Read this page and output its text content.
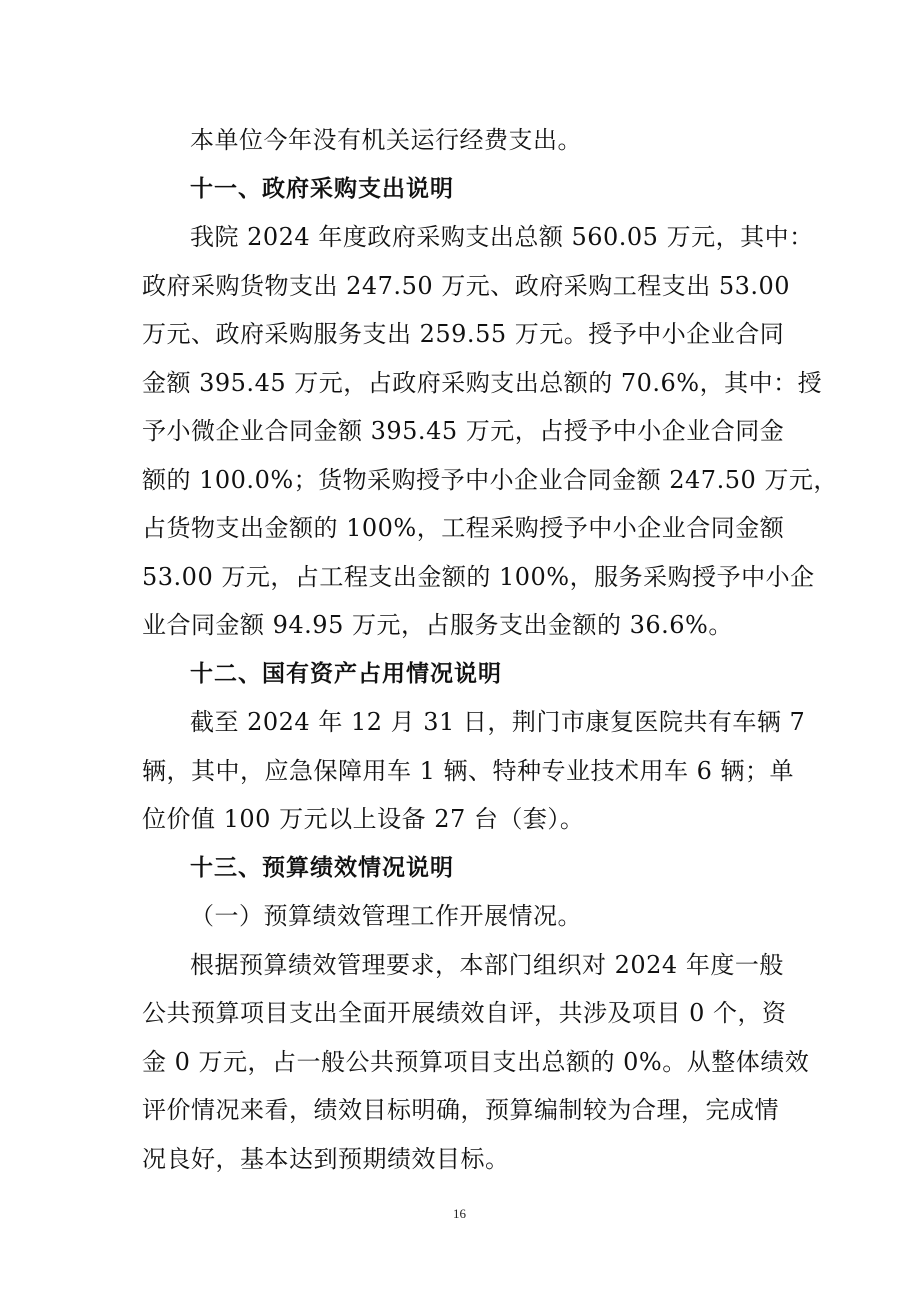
本单位今年没有机关运行经费支出。
十一、政府采购支出说明
我院 2024 年度政府采购支出总额 560.05 万元，其中：
政府采购货物支出 247.50 万元、政府采购工程支出 53.00
万元、政府采购服务支出 259.55 万元。授予中小企业合同
金额 395.45 万元，占政府采购支出总额的 70.6%，其中：授
予小微企业合同金额 395.45 万元，占授予中小企业合同金
额的 100.0%；货物采购授予中小企业合同金额 247.50 万元，
占货物支出金额的 100%，工程采购授予中小企业合同金额
53.00 万元，占工程支出金额的 100%，服务采购授予中小企
业合同金额 94.95 万元，占服务支出金额的 36.6%。
十二、国有资产占用情况说明
截至 2024 年 12 月 31 日，荆门市康复医院共有车辆 7
辆，其中，应急保障用车 1 辆、特种专业技术用车 6 辆；单
位价值 100 万元以上设备 27 台（套）。
十三、预算绩效情况说明
（一）预算绩效管理工作开展情况。
根据预算绩效管理要求，本部门组织对 2024 年度一般
公共预算项目支出全面开展绩效自评，共涉及项目 0 个，资
金 0 万元，占一般公共预算项目支出总额的 0%。从整体绩效
评价情况来看，绩效目标明确，预算编制较为合理，完成情
况良好，基本达到预期绩效目标。
16
